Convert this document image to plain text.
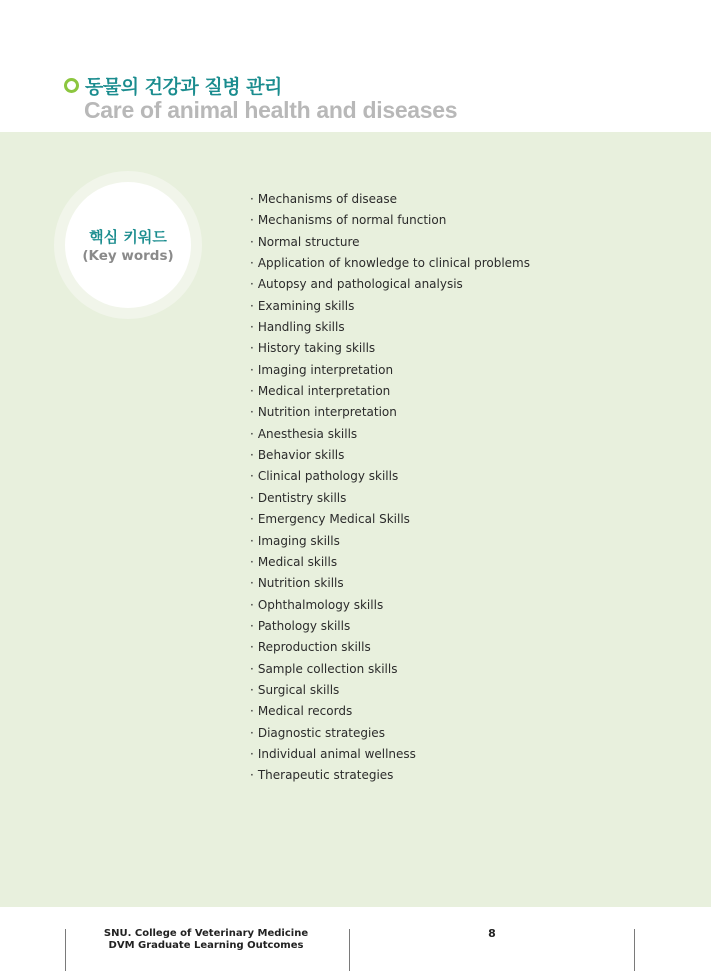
동물의 건강과 질병 관리
Care of animal health and diseases
핵심 키워드
(Key words)
· Mechanisms of disease
· Mechanisms of normal function
· Normal structure
· Application of knowledge to clinical problems
· Autopsy and pathological analysis
· Examining skills
· Handling skills
· History taking skills
· Imaging interpretation
· Medical interpretation
· Nutrition interpretation
· Anesthesia skills
· Behavior skills
· Clinical pathology skills
· Dentistry skills
· Emergency Medical Skills
· Imaging skills
· Medical skills
· Nutrition skills
· Ophthalmology skills
· Pathology skills
· Reproduction skills
· Sample collection skills
· Surgical skills
· Medical records
· Diagnostic strategies
· Individual animal wellness
· Therapeutic strategies
SNU. College of Veterinary Medicine
DVM Graduate Learning Outcomes
8
